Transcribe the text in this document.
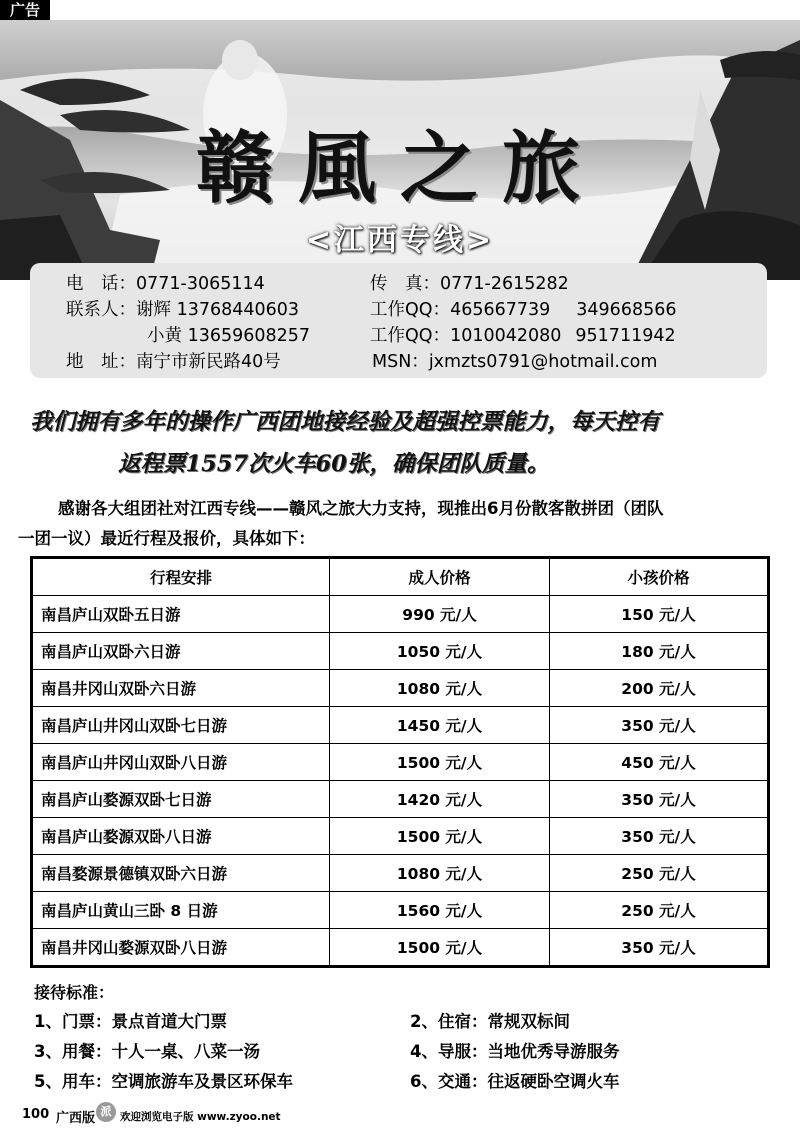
广告
赣風之旅
<江西专线>
电　话：0771-3065114	传　真：0771-2615282
联系人：谢辉 13768440603	工作QQ：465667739 349668566
小黄 13659608257	工作QQ：1010042080 951711942
地　址：南宁市新民路40号	MSN：jxmzts0791@hotmail.com
我们拥有多年的操作广西团地接经验及超强控票能力，每天控有
返程票1557次火车60张，确保团队质量。
感谢各大组团社对江西专线——赣风之旅大力支持，现推出6月份散客散拼团（团队
一团一议）最近行程及报价，具体如下：
行程安排	成人价格	小孩价格
南昌庐山双卧五日游	990 元/人	150 元/人
南昌庐山双卧六日游	1050 元/人	180 元/人
南昌井冈山双卧六日游	1080 元/人	200 元/人
南昌庐山井冈山双卧七日游	1450 元/人	350 元/人
南昌庐山井冈山双卧八日游	1500 元/人	450 元/人
南昌庐山婺源双卧七日游	1420 元/人	350 元/人
南昌庐山婺源双卧八日游	1500 元/人	350 元/人
南昌婺源景德镇双卧六日游	1080 元/人	250 元/人
南昌庐山黄山三卧 8 日游	1560 元/人	250 元/人
南昌井冈山婺源双卧八日游	1500 元/人	350 元/人
接待标准：
1、门票：景点首道大门票	2、住宿：常规双标间
3、用餐：十人一桌、八菜一汤	4、导服：当地优秀导游服务
5、用车：空调旅游车及景区环保车	6、交通：往返硬卧空调火车
100 广西版 派 欢迎浏览电子版 www.zyoo.net
